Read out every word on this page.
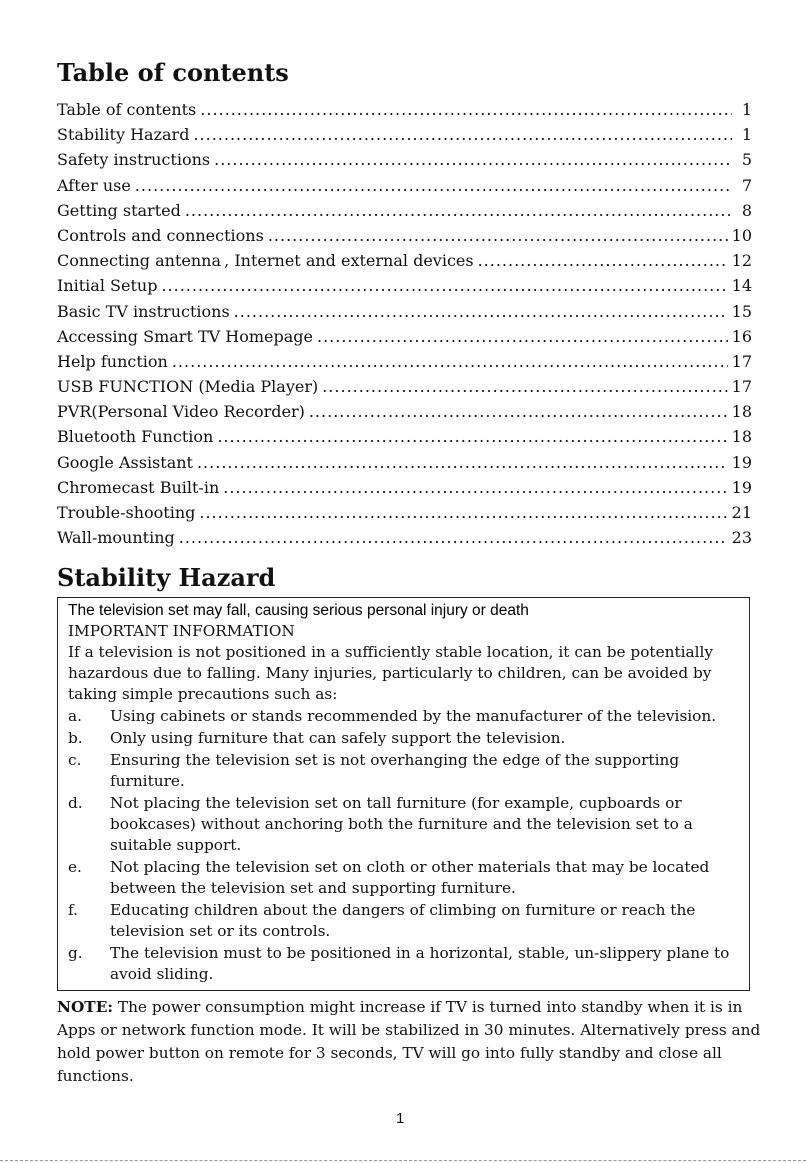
Table of contents
Table of contents .....	1
Stability Hazard .....	1
Safety instructions .....	5
After use .....	7
Getting started .....	8
Controls and connections .....	10
Connecting antenna , Internet and external devices .....	12
Initial Setup .....	14
Basic TV instructions .....	15
Accessing Smart TV Homepage .....	16
Help function .....	17
USB FUNCTION (Media Player) .....	17
PVR(Personal Video Recorder) .....	18
Bluetooth Function .....	18
Google Assistant .....	19
Chromecast Built-in .....	19
Trouble-shooting .....	21
Wall-mounting .....	23
Stability Hazard
The television set may fall, causing serious personal injury or death
IMPORTANT INFORMATION
If a television is not positioned in a sufficiently stable location, it can be potentially hazardous due to falling. Many injuries, particularly to children, can be avoided by taking simple precautions such as:
a.	Using cabinets or stands recommended by the manufacturer of the television.
b.	Only using furniture that can safely support the television.
c.	Ensuring the television set is not overhanging the edge of the supporting furniture.
d.	Not placing the television set on tall furniture (for example, cupboards or bookcases) without anchoring both the furniture and the television set to a suitable support.
e.	Not placing the television set on cloth or other materials that may be located between the television set and supporting furniture.
f.	Educating children about the dangers of climbing on furniture or reach the television set or its controls.
g.	The television must to be positioned in a horizontal, stable, un-slippery plane to avoid sliding.
NOTE: The power consumption might increase if TV is turned into standby when it is in Apps or network function mode. It will be stabilized in 30 minutes. Alternatively press and hold power button on remote for 3 seconds, TV will go into fully standby and close all functions.
1
